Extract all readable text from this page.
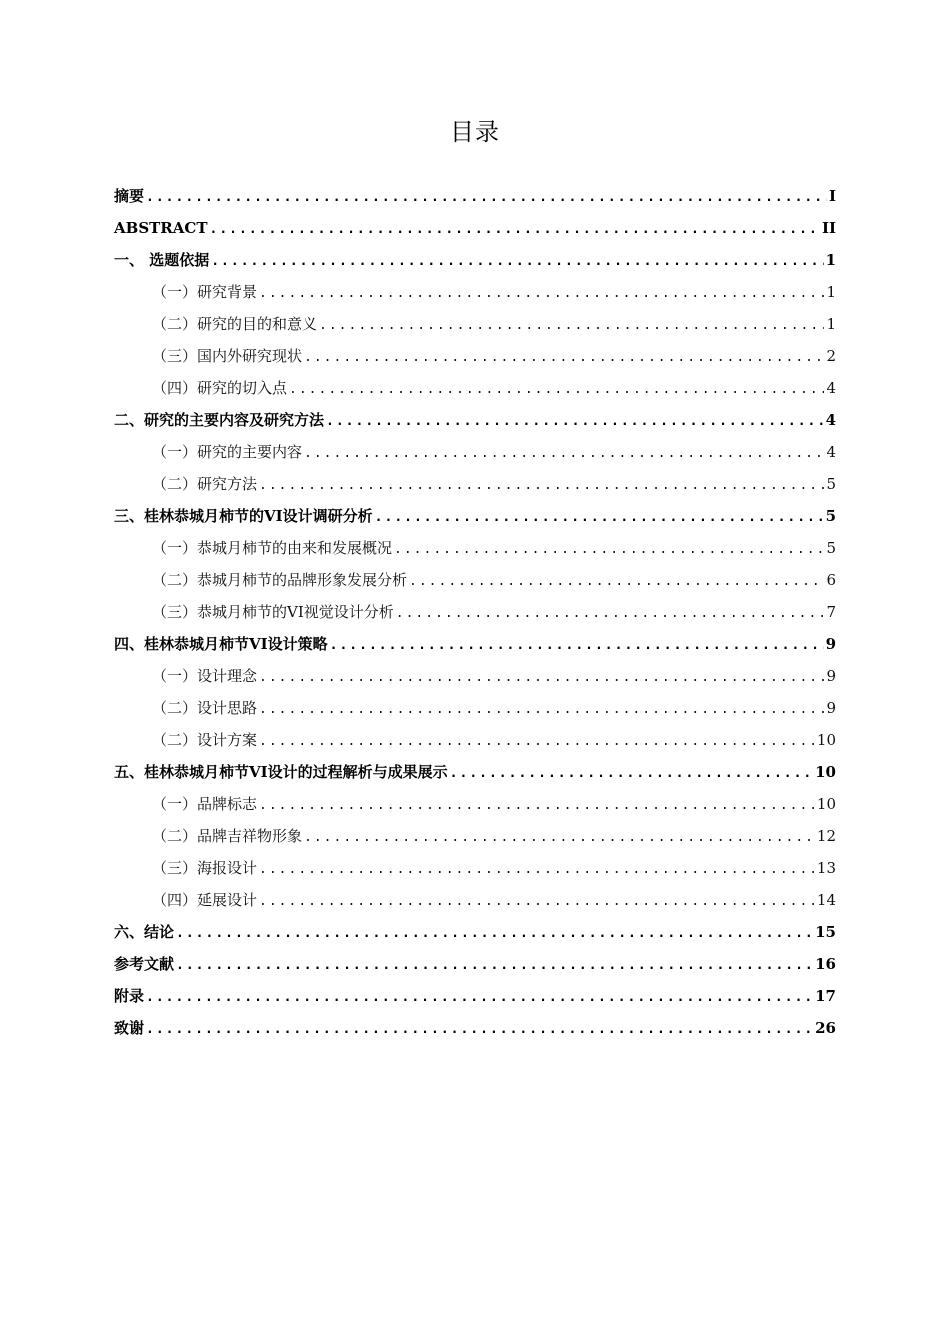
目录
摘要 .....	I
ABSTRACT .....	II
一、 选题依据 .....	1
（一）研究背景 .....	1
（二）研究的目的和意义 .....	1
（三）国内外研究现状 .....	2
（四）研究的切入点 .....	4
二、研究的主要内容及研究方法 .....	4
（一）研究的主要内容 .....	4
（二）研究方法 .....	5
三、桂林恭城月柿节的VI设计调研分析 .....	5
（一）恭城月柿节的由来和发展概况 .....	5
（二）恭城月柿节的品牌形象发展分析 .....	6
（三）恭城月柿节的VI视觉设计分析 .....	7
四、桂林恭城月柿节VI设计策略 .....	9
（一）设计理念 .....	9
（二）设计思路 .....	9
（二）设计方案 .....	10
五、桂林恭城月柿节VI设计的过程解析与成果展示 .....	10
（一）品牌标志 .....	10
（二）品牌吉祥物形象 .....	12
（三）海报设计 .....	13
（四）延展设计 .....	14
六、结论 .....	15
参考文献 .....	16
附录 .....	17
致谢 .....	26
